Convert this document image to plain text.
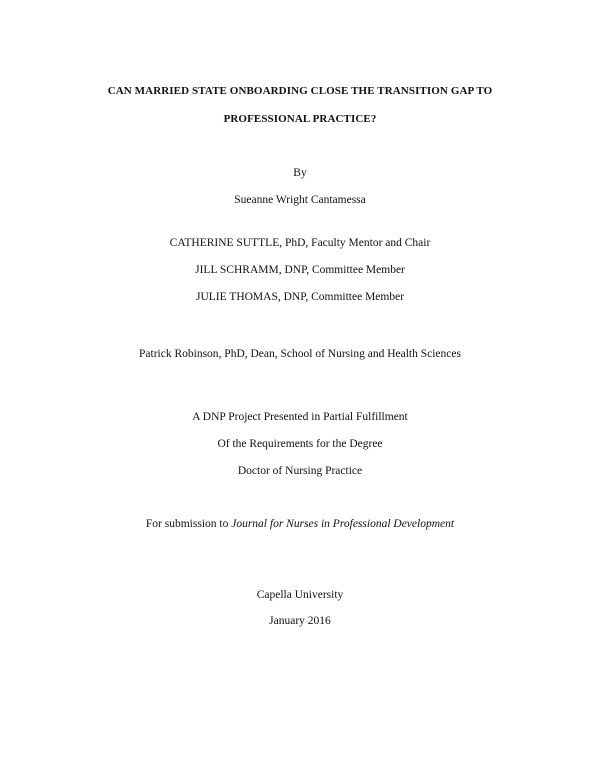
CAN MARRIED STATE ONBOARDING CLOSE THE TRANSITION GAP TO
PROFESSIONAL PRACTICE?
By
Sueanne Wright Cantamessa
CATHERINE SUTTLE, PhD, Faculty Mentor and Chair
JILL SCHRAMM, DNP, Committee Member
JULIE THOMAS, DNP, Committee Member
Patrick Robinson, PhD, Dean, School of Nursing and Health Sciences
A DNP Project Presented in Partial Fulfillment
Of the Requirements for the Degree
Doctor of Nursing Practice
For submission to Journal for Nurses in Professional Development
Capella University
January 2016
